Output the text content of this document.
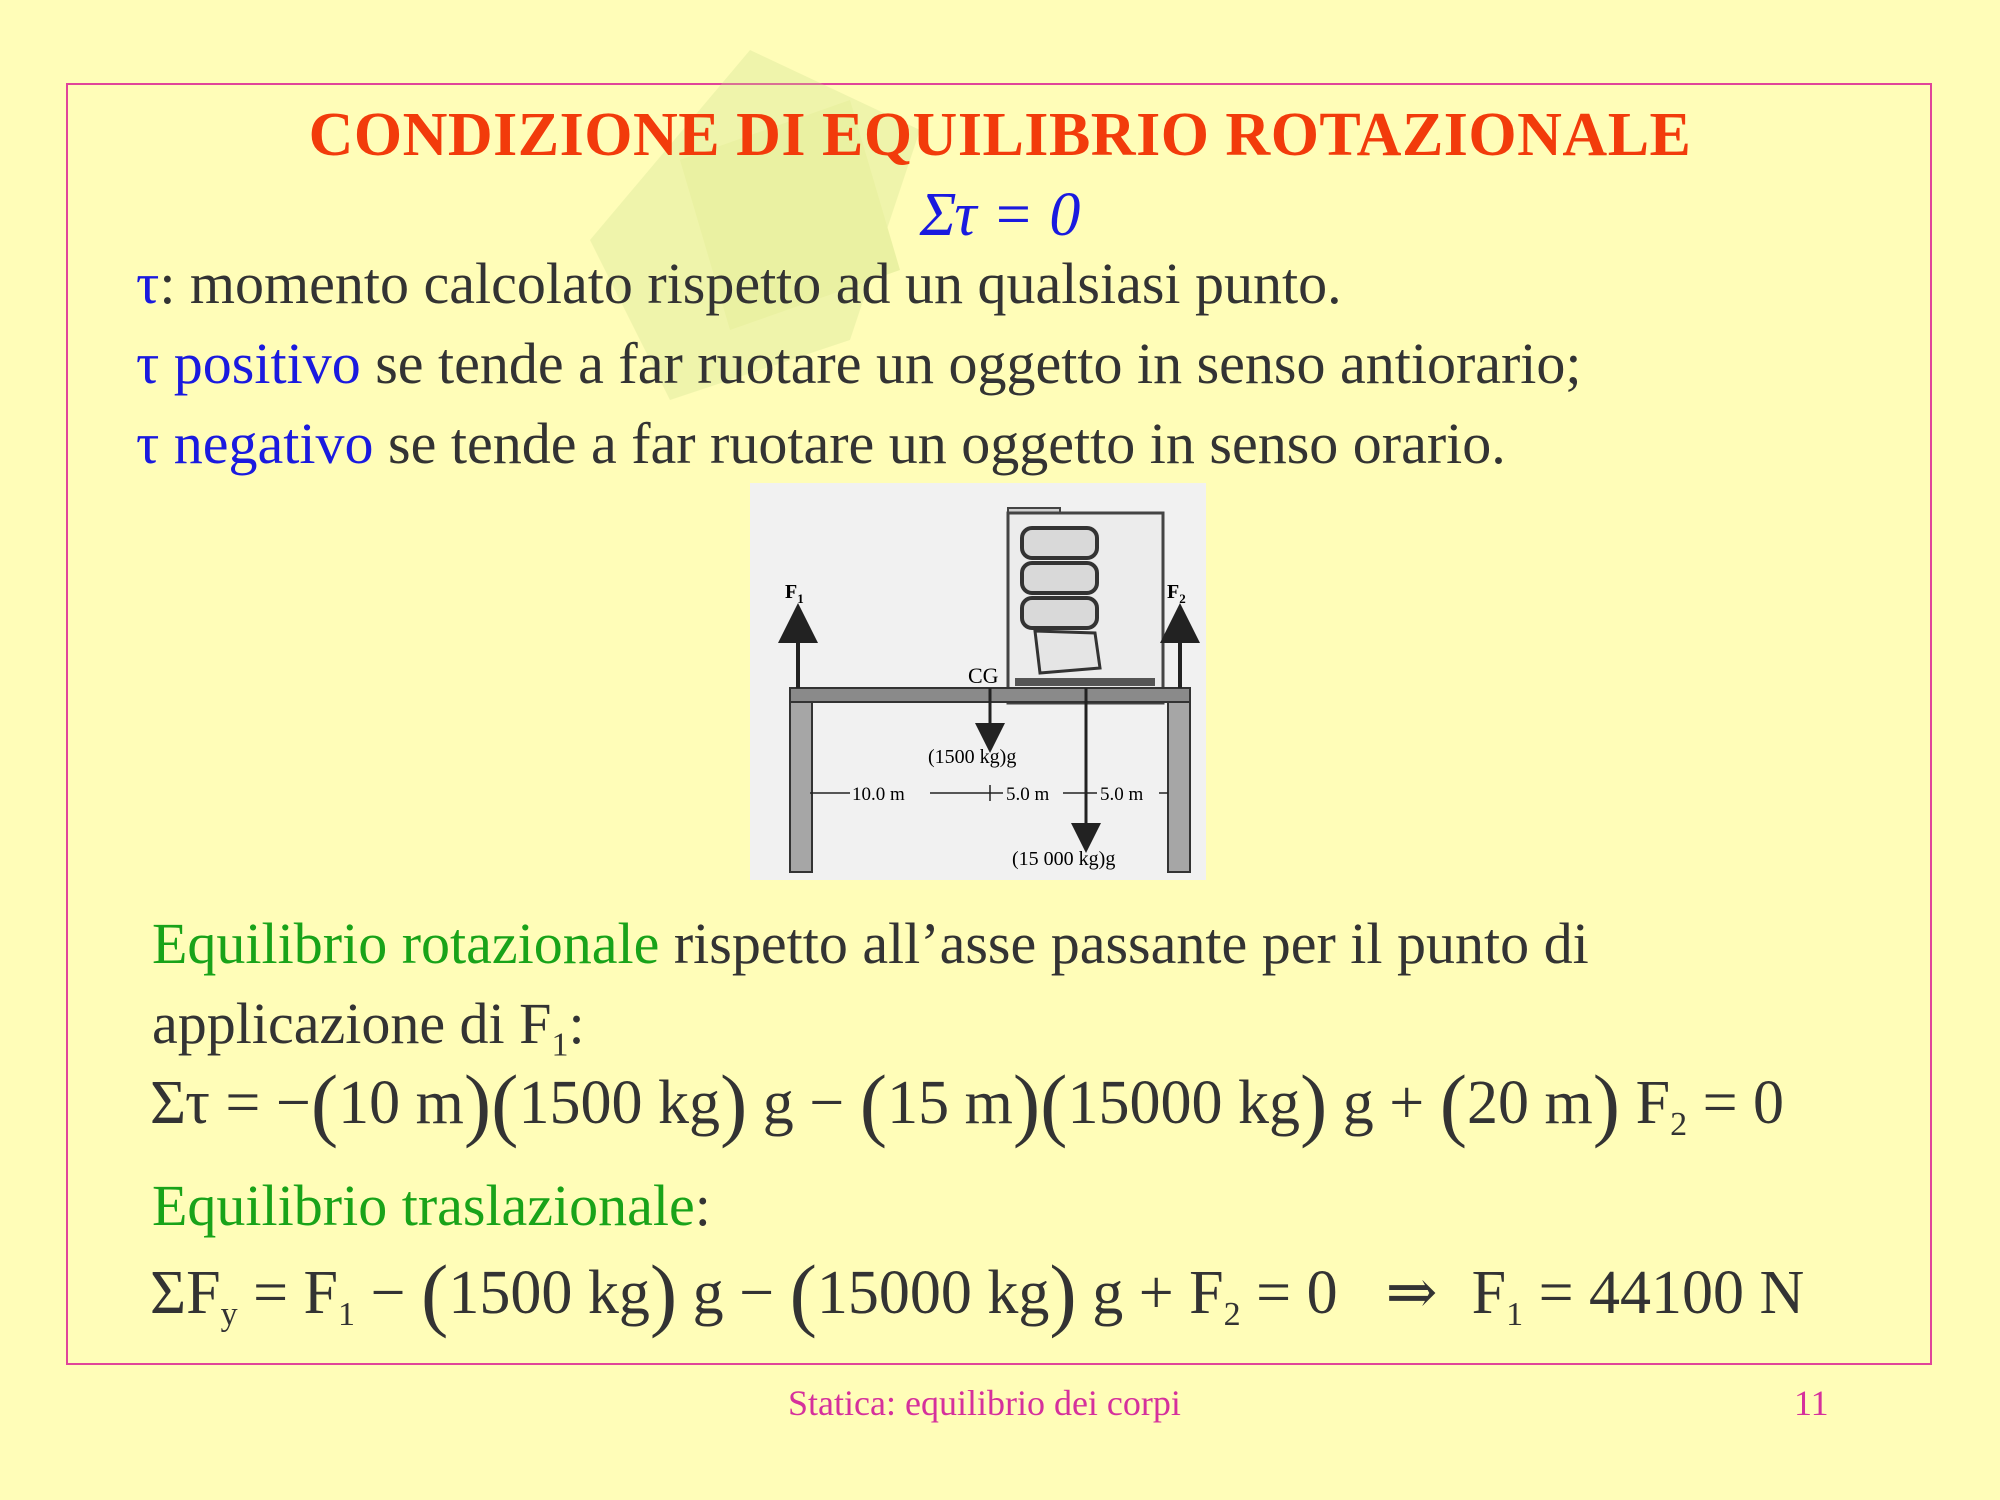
CONDIZIONE DI EQUILIBRIO ROTAZIONALE
Στ = 0
τ: momento calcolato rispetto ad un qualsiasi punto.
τ positivo se tende a far ruotare un oggetto in senso antiorario;
τ negativo se tende a far ruotare un oggetto in senso orario.
$F_1$	$F_2$
CG
(1500 kg)g
(15 000 kg)g
10.0 m	5.0 m	5.0 m
Equilibrio rotazionale rispetto all’asse passante per il punto di
applicazione di $F_1$:
Στ = −(10 m)(1500 kg) g − (15 m)(15000 kg) g + (20 m) $F_2 = 0$
Equilibrio traslazionale:
$\Sigma F_y = F_1 - (1500$ kg) g − (15000 kg) $g + F_2 = 0$ ⇒ $F_1 = 44100$ N
Statica: equilibrio dei corpi	11
